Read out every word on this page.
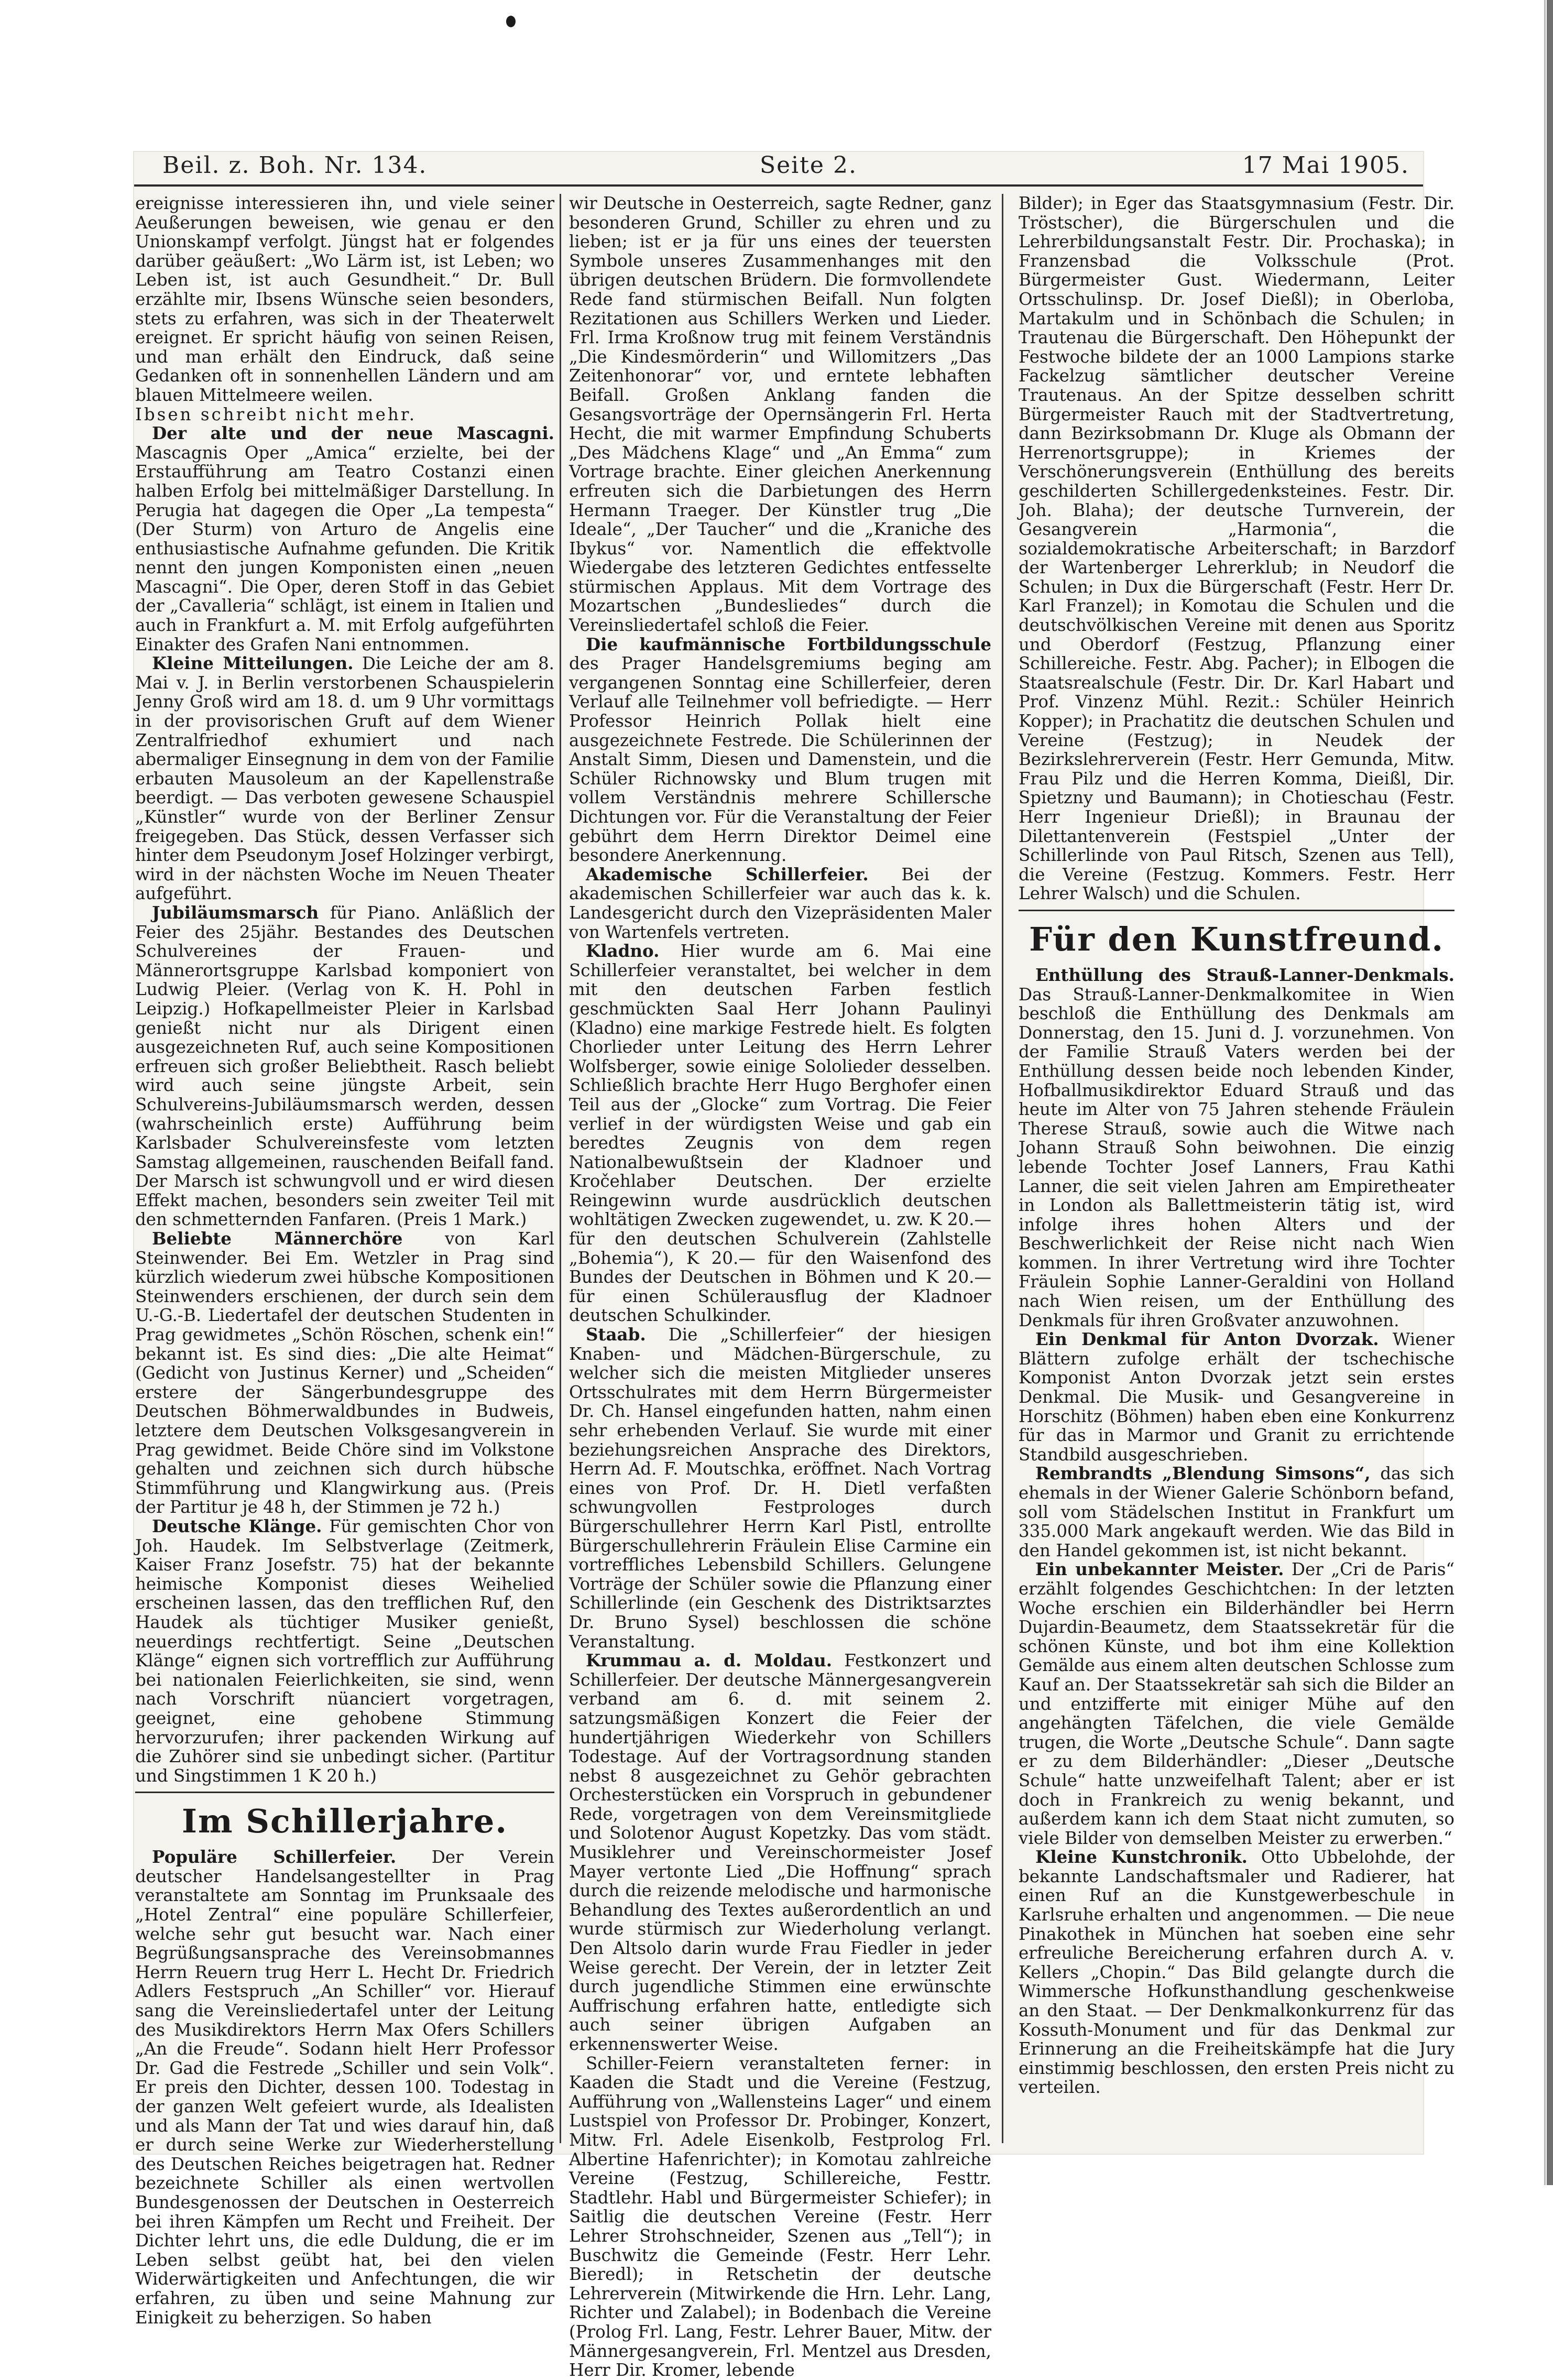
Beil. z. Boh. Nr. 134.	Seite 2.	17 Mai 1905.

ereignisse interessieren ihn, und viele seiner Aeußerungen beweisen, wie genau er den Unionskampf verfolgt. Jüngst hat er folgendes darüber geäußert: „Wo Lärm ist, ist Leben; wo Leben ist, ist auch Gesundheit.“ Dr. Bull erzählte mir, Ibsens Wünsche seien besonders, stets zu erfahren, was sich in der Theaterwelt ereignet. Er spricht häufig von seinen Reisen, und man erhält den Eindruck, daß seine Gedanken oft in sonnenhellen Ländern und am blauen Mittelmeere weilen.

Ibsen schreibt nicht mehr.

Der alte und der neue Mascagni. Mascagnis Oper „Amica“ erzielte, bei der Erstaufführung am Teatro Costanzi einen halben Erfolg bei mittelmäßiger Darstellung. In Perugia hat dagegen die Oper „La tempesta“ (Der Sturm) von Arturo de Angelis eine enthusiastische Aufnahme gefunden. Die Kritik nennt den jungen Komponisten einen „neuen Mascagni“. Die Oper, deren Stoff in das Gebiet der „Cavalleria“ schlägt, ist einem in Italien und auch in Frankfurt a. M. mit Erfolg aufgeführten Einakter des Grafen Nani entnommen.

Kleine Mitteilungen. Die Leiche der am 8. Mai v. J. in Berlin verstorbenen Schauspielerin Jenny Groß wird am 18. d. um 9 Uhr vormittags in der provisorischen Gruft auf dem Wiener Zentralfriedhof exhumiert und nach abermaliger Einsegnung in dem von der Familie erbauten Mausoleum an der Kapellenstraße beerdigt. — Das verboten gewesene Schauspiel „Künstler“ wurde von der Berliner Zensur freigegeben. Das Stück, dessen Verfasser sich hinter dem Pseudonym Josef Holzinger verbirgt, wird in der nächsten Woche im Neuen Theater aufgeführt.

Jubiläumsmarsch für Piano. Anläßlich der Feier des 25jähr. Bestandes des Deutschen Schulvereines der Frauen- und Männerortsgruppe Karlsbad komponiert von Ludwig Pleier. (Verlag von K. H. Pohl in Leipzig.) Hofkapellmeister Pleier in Karlsbad genießt nicht nur als Dirigent einen ausgezeichneten Ruf, auch seine Kompositionen erfreuen sich großer Beliebtheit. Rasch beliebt wird auch seine jüngste Arbeit, sein Schulvereins-Jubiläumsmarsch werden, dessen (wahrscheinlich erste) Aufführung beim Karlsbader Schulvereinsfeste vom letzten Samstag allgemeinen, rauschenden Beifall fand. Der Marsch ist schwungvoll und er wird diesen Effekt machen, besonders sein zweiter Teil mit den schmetternden Fanfaren. (Preis 1 Mark.)

Beliebte Männerchöre von Karl Steinwender. Bei Em. Wetzler in Prag sind kürzlich wiederum zwei hübsche Kompositionen Steinwenders erschienen, der durch sein dem U.-G.-B. Liedertafel der deutschen Studenten in Prag gewidmetes „Schön Röschen, schenk ein!“ bekannt ist. Es sind dies: „Die alte Heimat“ (Gedicht von Justinus Kerner) und „Scheiden“ erstere der Sängerbundesgruppe des Deutschen Böhmerwaldbundes in Budweis, letztere dem Deutschen Volksgesangverein in Prag gewidmet. Beide Chöre sind im Volkstone gehalten und zeichnen sich durch hübsche Stimmführung und Klangwirkung aus. (Preis der Partitur je 48 h, der Stimmen je 72 h.)

Deutsche Klänge. Für gemischten Chor von Joh. Haudek. Im Selbstverlage (Zeitmerk, Kaiser Franz Josefstr. 75) hat der bekannte heimische Komponist dieses Weihelied erscheinen lassen, das den trefflichen Ruf, den Haudek als tüchtiger Musiker genießt, neuerdings rechtfertigt. Seine „Deutschen Klänge“ eignen sich vortrefflich zur Aufführung bei nationalen Feierlichkeiten, sie sind, wenn nach Vorschrift nüanciert vorgetragen, geeignet, eine gehobene Stimmung hervorzurufen; ihrer packenden Wirkung auf die Zuhörer sind sie unbedingt sicher. (Partitur und Singstimmen 1 K 20 h.)

Im Schillerjahre.

Populäre Schillerfeier. Der Verein deutscher Handelsangestellter in Prag veranstaltete am Sonntag im Prunksaale des „Hotel Zentral“ eine populäre Schillerfeier, welche sehr gut besucht war. Nach einer Begrüßungsansprache des Vereinsobmannes Herrn Reuern trug Herr L. Hecht Dr. Friedrich Adlers Festspruch „An Schiller“ vor. Hierauf sang die Vereinsliedertafel unter der Leitung des Musikdirektors Herrn Max Ofers Schillers „An die Freude“. Sodann hielt Herr Professor Dr. Gad die Festrede „Schiller und sein Volk“. Er preis den Dichter, dessen 100. Todestag in der ganzen Welt gefeiert wurde, als Idealisten und als Mann der Tat und wies darauf hin, daß er durch seine Werke zur Wiederherstellung des Deutschen Reiches beigetragen hat. Redner bezeichnete Schiller als einen wertvollen Bundesgenossen der Deutschen in Oesterreich bei ihren Kämpfen um Recht und Freiheit. Der Dichter lehrt uns, die edle Duldung, die er im Leben selbst geübt hat, bei den vielen Widerwärtigkeiten und Anfechtungen, die wir erfahren, zu üben und seine Mahnung zur Einigkeit zu beherzigen. So haben

wir Deutsche in Oesterreich, sagte Redner, ganz besonderen Grund, Schiller zu ehren und zu lieben; ist er ja für uns eines der teuersten Symbole unseres Zusammenhanges mit den übrigen deutschen Brüdern. Die formvollendete Rede fand stürmischen Beifall. Nun folgten Rezitationen aus Schillers Werken und Lieder. Frl. Irma Kroßnow trug mit feinem Verständnis „Die Kindesmörderin“ und Willomitzers „Das Zeitenhonorar“ vor, und erntete lebhaften Beifall. Großen Anklang fanden die Gesangsvorträge der Opernsängerin Frl. Herta Hecht, die mit warmer Empfindung Schuberts „Des Mädchens Klage“ und „An Emma“ zum Vortrage brachte. Einer gleichen Anerkennung erfreuten sich die Darbietungen des Herrn Hermann Traeger. Der Künstler trug „Die Ideale“, „Der Taucher“ und die „Kraniche des Ibykus“ vor. Namentlich die effektvolle Wiedergabe des letzteren Gedichtes entfesselte stürmischen Applaus. Mit dem Vortrage des Mozartschen „Bundesliedes“ durch die Vereinsliedertafel schloß die Feier.

Die kaufmännische Fortbildungsschule des Prager Handelsgremiums beging am vergangenen Sonntag eine Schillerfeier, deren Verlauf alle Teilnehmer voll befriedigte. — Herr Professor Heinrich Pollak hielt eine ausgezeichnete Festrede. Die Schülerinnen der Anstalt Simm, Diesen und Damenstein, und die Schüler Richnowsky und Blum trugen mit vollem Verständnis mehrere Schillersche Dichtungen vor. Für die Veranstaltung der Feier gebührt dem Herrn Direktor Deimel eine besondere Anerkennung.

Akademische Schillerfeier. Bei der akademischen Schillerfeier war auch das k. k. Landesgericht durch den Vizepräsidenten Maler von Wartenfels vertreten.

Kladno. Hier wurde am 6. Mai eine Schillerfeier veranstaltet, bei welcher in dem mit den deutschen Farben festlich geschmückten Saal Herr Johann Paulinyi (Kladno) eine markige Festrede hielt. Es folgten Chorlieder unter Leitung des Herrn Lehrer Wolfsberger, sowie einige Sololieder desselben. Schließlich brachte Herr Hugo Berghofer einen Teil aus der „Glocke“ zum Vortrag. Die Feier verlief in der würdigsten Weise und gab ein beredtes Zeugnis von dem regen Nationalbewußtsein der Kladnoer und Kročehlaber Deutschen. Der erzielte Reingewinn wurde ausdrücklich deutschen wohltätigen Zwecken zugewendet, u. zw. K 20.— für den deutschen Schulverein (Zahlstelle „Bohemia“), K 20.— für den Waisenfond des Bundes der Deutschen in Böhmen und K 20.— für einen Schülerausflug der Kladnoer deutschen Schulkinder.

Staab. Die „Schillerfeier“ der hiesigen Knaben- und Mädchen-Bürgerschule, zu welcher sich die meisten Mitglieder unseres Ortsschulrates mit dem Herrn Bürgermeister Dr. Ch. Hansel eingefunden hatten, nahm einen sehr erhebenden Verlauf. Sie wurde mit einer beziehungsreichen Ansprache des Direktors, Herrn Ad. F. Moutschka, eröffnet. Nach Vortrag eines von Prof. Dr. H. Dietl verfaßten schwungvollen Festprologes durch Bürgerschullehrer Herrn Karl Pistl, entrollte Bürgerschullehrerin Fräulein Elise Carmine ein vortreffliches Lebensbild Schillers. Gelungene Vorträge der Schüler sowie die Pflanzung einer Schillerlinde (ein Geschenk des Distriktsarztes Dr. Bruno Sysel) beschlossen die schöne Veranstaltung.

Krummau a. d. Moldau. Festkonzert und Schillerfeier. Der deutsche Männergesangverein verband am 6. d. mit seinem 2. satzungsmäßigen Konzert die Feier der hundertjährigen Wiederkehr von Schillers Todestage. Auf der Vortragsordnung standen nebst 8 ausgezeichnet zu Gehör gebrachten Orchesterstücken ein Vorspruch in gebundener Rede, vorgetragen von dem Vereinsmitgliede und Solotenor August Kopetzky. Das vom städt. Musiklehrer und Vereinschormeister Josef Mayer vertonte Lied „Die Hoffnung“ sprach durch die reizende melodische und harmonische Behandlung des Textes außerordentlich an und wurde stürmisch zur Wiederholung verlangt. Den Altsolo darin wurde Frau Fiedler in jeder Weise gerecht. Der Verein, der in letzter Zeit durch jugendliche Stimmen eine erwünschte Auffrischung erfahren hatte, entledigte sich auch seiner übrigen Aufgaben an erkennenswerter Weise.

Schiller-Feiern veranstalteten ferner: in Kaaden die Stadt und die Vereine (Festzug, Aufführung von „Wallensteins Lager“ und einem Lustspiel von Professor Dr. Probinger, Konzert, Mitw. Frl. Adele Eisenkolb, Festprolog Frl. Albertine Hafenrichter); in Komotau zahlreiche Vereine (Festzug, Schillereiche, Festtr. Stadtlehr. Habl und Bürgermeister Schiefer); in Saitlig die deutschen Vereine (Festr. Herr Lehrer Strohschneider, Szenen aus „Tell“); in Buschwitz die Gemeinde (Festr. Herr Lehr. Bieredl); in Retschetin der deutsche Lehrerverein (Mitwirkende die Hrn. Lehr. Lang, Richter und Zalabel); in Bodenbach die Vereine (Prolog Frl. Lang, Festr. Lehrer Bauer, Mitw. der Männergesangverein, Frl. Mentzel aus Dresden, Herr Dir. Kromer, lebende

Bilder); in Eger das Staatsgymnasium (Festr. Dir. Tröstscher), die Bürgerschulen und die Lehrerbildungsanstalt Festr. Dir. Prochaska); in Franzensbad die Volksschule (Prot. Bürgermeister Gust. Wiedermann, Leiter Ortsschulinsp. Dr. Josef Dießl); in Oberloba, Martakulm und in Schönbach die Schulen; in Trautenau die Bürgerschaft. Den Höhepunkt der Festwoche bildete der an 1000 Lampions starke Fackelzug sämtlicher deutscher Vereine Trautenaus. An der Spitze desselben schritt Bürgermeister Rauch mit der Stadtvertretung, dann Bezirksobmann Dr. Kluge als Obmann der Herrenortsgruppe); in Kriemes der Verschönerungsverein (Enthüllung des bereits geschilderten Schillergedenksteines. Festr. Dir. Joh. Blaha); der deutsche Turnverein, der Gesangverein „Harmonia“, die sozialdemokratische Arbeiterschaft; in Barzdorf der Wartenberger Lehrerklub; in Neudorf die Schulen; in Dux die Bürgerschaft (Festr. Herr Dr. Karl Franzel); in Komotau die Schulen und die deutschvölkischen Vereine mit denen aus Sporitz und Oberdorf (Festzug, Pflanzung einer Schillereiche. Festr. Abg. Pacher); in Elbogen die Staatsrealschule (Festr. Dir. Dr. Karl Habart und Prof. Vinzenz Mühl. Rezit.: Schüler Heinrich Kopper); in Prachatitz die deutschen Schulen und Vereine (Festzug); in Neudek der Bezirkslehrerverein (Festr. Herr Gemunda, Mitw. Frau Pilz und die Herren Komma, Dieißl, Dir. Spietzny und Baumann); in Chotieschau (Festr. Herr Ingenieur Drießl); in Braunau der Dilettantenverein (Festspiel „Unter der Schillerlinde von Paul Ritsch, Szenen aus Tell), die Vereine (Festzug. Kommers. Festr. Herr Lehrer Walsch) und die Schulen.

Für den Kunstfreund.

Enthüllung des Strauß-Lanner-Denkmals. Das Strauß-Lanner-Denkmalkomitee in Wien beschloß die Enthüllung des Denkmals am Donnerstag, den 15. Juni d. J. vorzunehmen. Von der Familie Strauß Vaters werden bei der Enthüllung dessen beide noch lebenden Kinder, Hofballmusikdirektor Eduard Strauß und das heute im Alter von 75 Jahren stehende Fräulein Therese Strauß, sowie auch die Witwe nach Johann Strauß Sohn beiwohnen. Die einzig lebende Tochter Josef Lanners, Frau Kathi Lanner, die seit vielen Jahren am Empiretheater in London als Ballettmeisterin tätig ist, wird infolge ihres hohen Alters und der Beschwerlichkeit der Reise nicht nach Wien kommen. In ihrer Vertretung wird ihre Tochter Fräulein Sophie Lanner-Geraldini von Holland nach Wien reisen, um der Enthüllung des Denkmals für ihren Großvater anzuwohnen.

Ein Denkmal für Anton Dvorzak. Wiener Blättern zufolge erhält der tschechische Komponist Anton Dvorzak jetzt sein erstes Denkmal. Die Musik- und Gesangvereine in Horschitz (Böhmen) haben eben eine Konkurrenz für das in Marmor und Granit zu errichtende Standbild ausgeschrieben.

Rembrandts „Blendung Simsons“, das sich ehemals in der Wiener Galerie Schönborn befand, soll vom Städelschen Institut in Frankfurt um 335.000 Mark angekauft werden. Wie das Bild in den Handel gekommen ist, ist nicht bekannt.

Ein unbekannter Meister. Der „Cri de Paris“ erzählt folgendes Geschichtchen: In der letzten Woche erschien ein Bilderhändler bei Herrn Dujardin-Beaumetz, dem Staatssekretär für die schönen Künste, und bot ihm eine Kollektion Gemälde aus einem alten deutschen Schlosse zum Kauf an. Der Staatssekretär sah sich die Bilder an und entzifferte mit einiger Mühe auf den angehängten Täfelchen, die viele Gemälde trugen, die Worte „Deutsche Schule“. Dann sagte er zu dem Bilderhändler: „Dieser „Deutsche Schule“ hatte unzweifelhaft Talent; aber er ist doch in Frankreich zu wenig bekannt, und außerdem kann ich dem Staat nicht zumuten, so viele Bilder von demselben Meister zu erwerben.“

Kleine Kunstchronik. Otto Ubbelohde, der bekannte Landschaftsmaler und Radierer, hat einen Ruf an die Kunstgewerbeschule in Karlsruhe erhalten und angenommen. — Die neue Pinakothek in München hat soeben eine sehr erfreuliche Bereicherung erfahren durch A. v. Kellers „Chopin.“ Das Bild gelangte durch die Wimmersche Hofkunsthandlung geschenkweise an den Staat. — Der Denkmalkonkurrenz für das Kossuth-Monument und für das Denkmal zur Erinnerung an die Freiheitskämpfe hat die Jury einstimmig beschlossen, den ersten Preis nicht zu verteilen.
